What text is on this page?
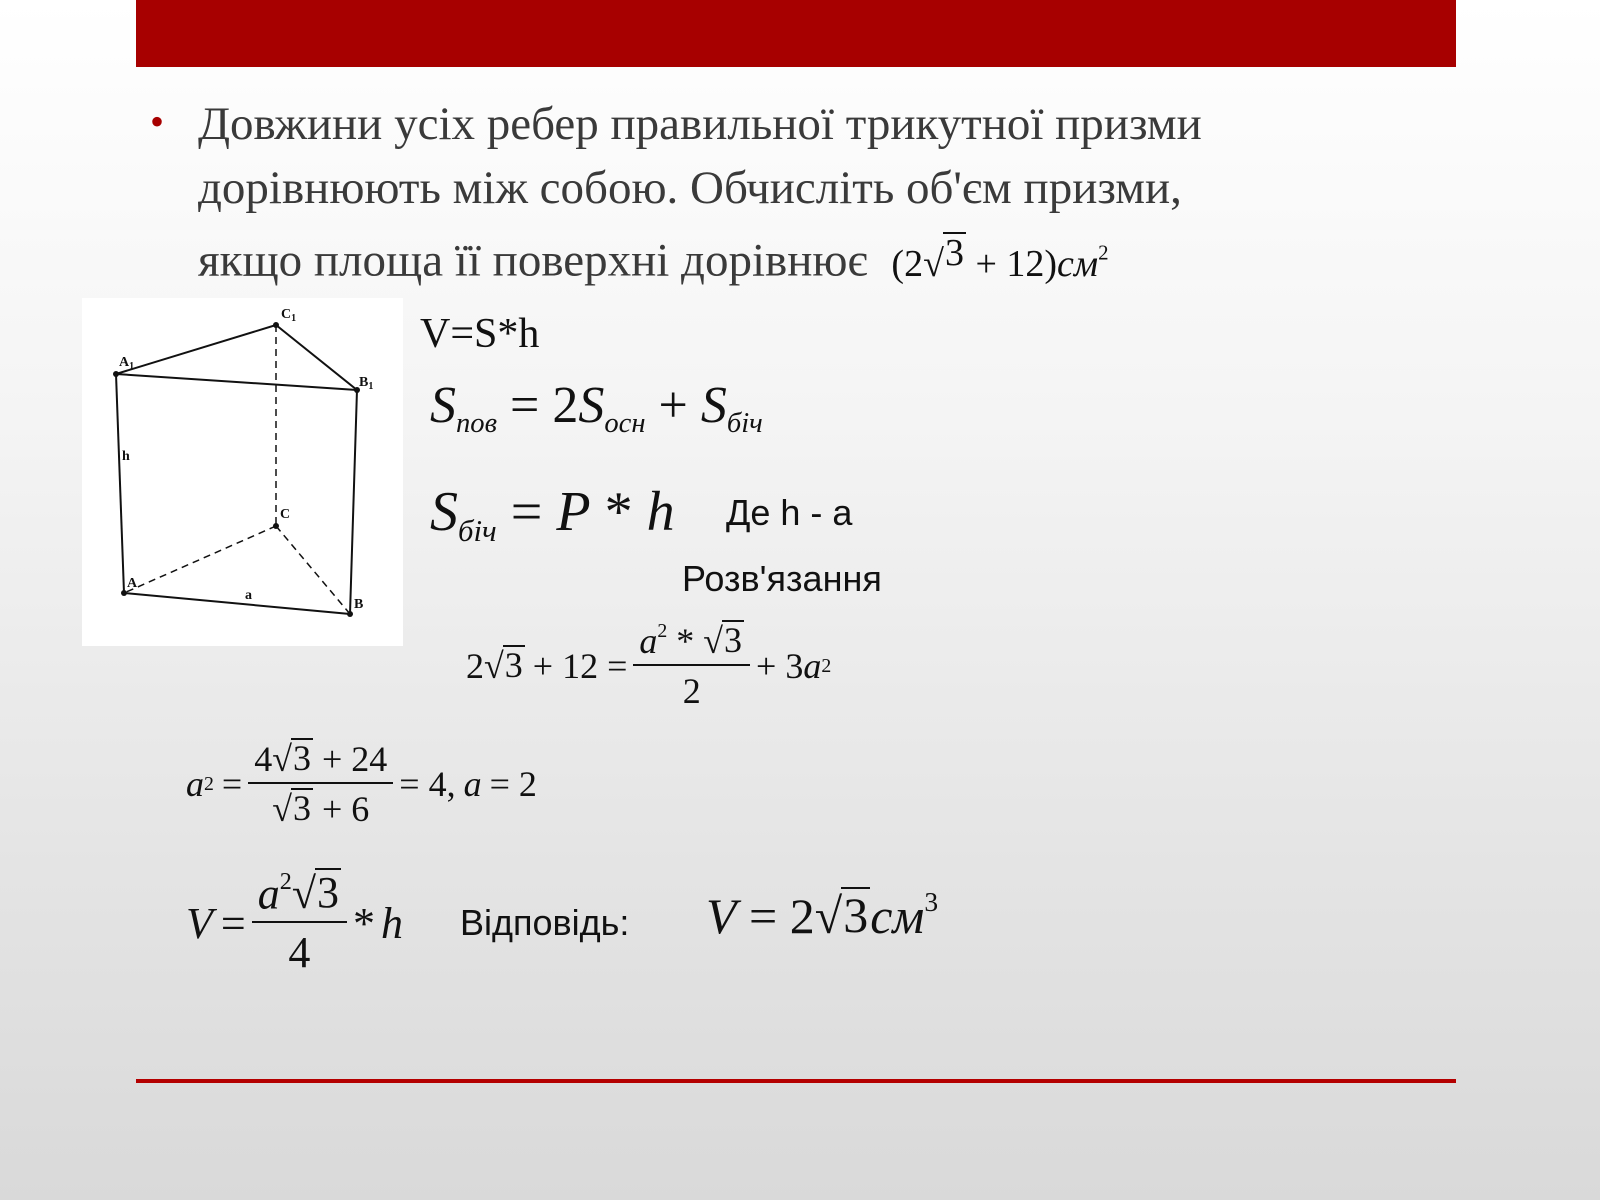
• Довжини усіх ребер правильної трикутної призми
дорівнюють між собою. Обчисліть об'єм призми,
якщо площа її поверхні дорівнює (2 √ $3 + 12)см^2$
$C_1$
$A_1$
$B_1$
h
C
A
a
B
V=S*h
$S_{пов} = 2S_{осн} + S_{біч}$
$S_{біч} = P * h$ Де h - a
Розв'язання
2 √ $3 + 12 = \frac{a^2 * √ 3}{2} + 3$ a 2
a $2 = \frac{4 √ 3 + 24}{√ 3 + 6} = 4$, a = 2
$V = \frac{a^2 √ 3}{4} * h$ Відповідь: V = 2 √ 3 $см^3$
